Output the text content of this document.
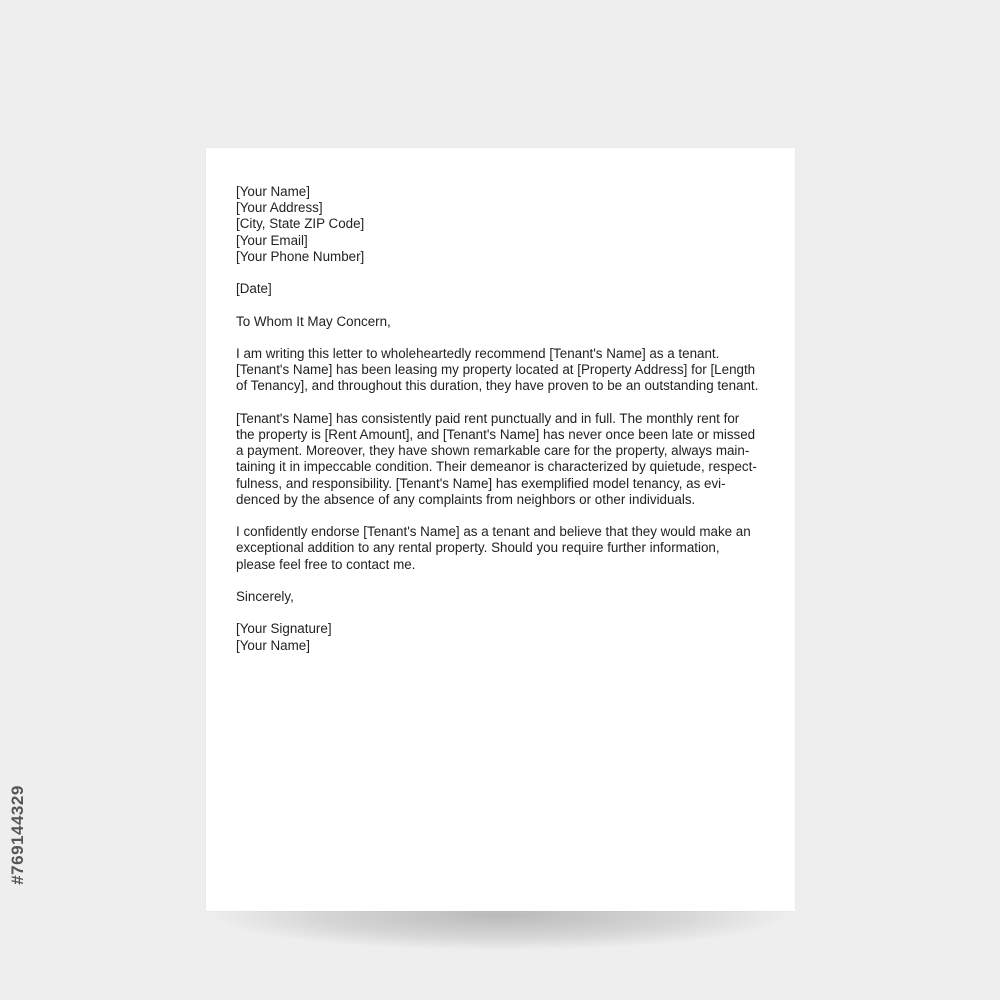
[Your Name]
[Your Address]
[City, State ZIP Code]
[Your Email]
[Your Phone Number]

[Date]

To Whom It May Concern,

I am writing this letter to wholeheartedly recommend [Tenant's Name] as a tenant.
[Tenant's Name] has been leasing my property located at [Property Address] for [Length
of Tenancy], and throughout this duration, they have proven to be an outstanding tenant.

[Tenant's Name] has consistently paid rent punctually and in full. The monthly rent for
the property is [Rent Amount], and [Tenant's Name] has never once been late or missed
a payment. Moreover, they have shown remarkable care for the property, always main-
taining it in impeccable condition. Their demeanor is characterized by quietude, respect-
fulness, and responsibility. [Tenant's Name] has exemplified model tenancy, as evi-
denced by the absence of any complaints from neighbors or other individuals.

I confidently endorse [Tenant's Name] as a tenant and believe that they would make an
exceptional addition to any rental property. Should you require further information,
please feel free to contact me.

Sincerely,

[Your Signature]
[Your Name]

#769144329
